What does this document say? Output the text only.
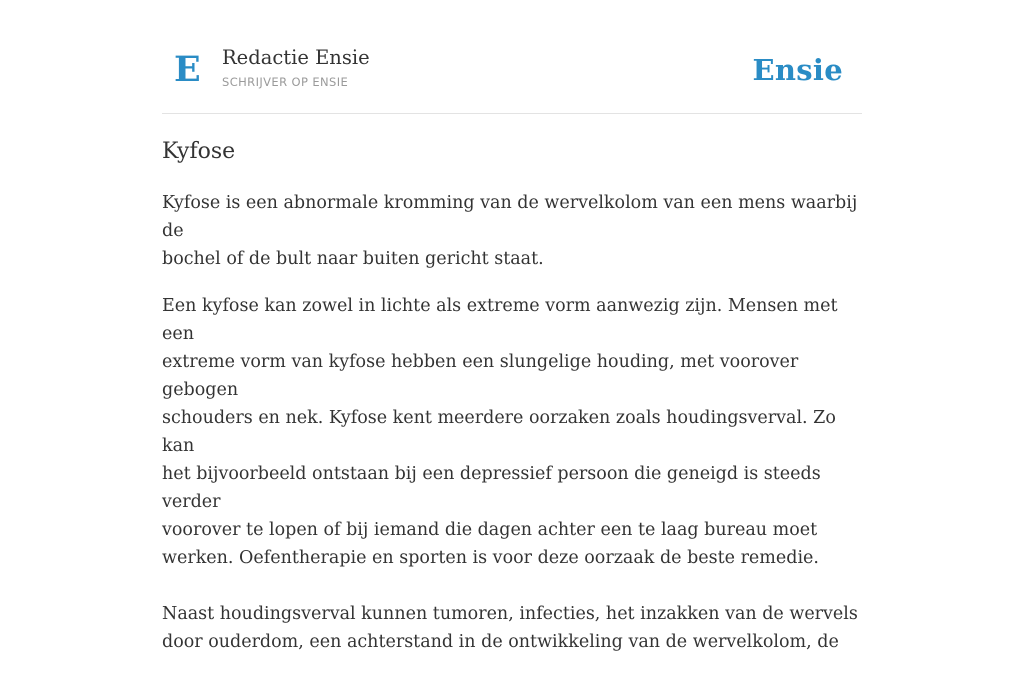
E Redactie Ensie
SCHRIJVER OP ENSIE	Ensie
Kyfose

Kyfose is een abnormale kromming van de wervelkolom van een mens waarbij de
bochel of de bult naar buiten gericht staat.

Een kyfose kan zowel in lichte als extreme vorm aanwezig zijn. Mensen met een
extreme vorm van kyfose hebben een slungelige houding, met voorover gebogen
schouders en nek. Kyfose kent meerdere oorzaken zoals houdingsverval. Zo kan
het bijvoorbeeld ontstaan bij een depressief persoon die geneigd is steeds verder
voorover te lopen of bij iemand die dagen achter een te laag bureau moet
werken. Oefentherapie en sporten is voor deze oorzaak de beste remedie.

Naast houdingsverval kunnen tumoren, infecties, het inzakken van de wervels
door ouderdom, een achterstand in de ontwikkeling van de wervelkolom, de
